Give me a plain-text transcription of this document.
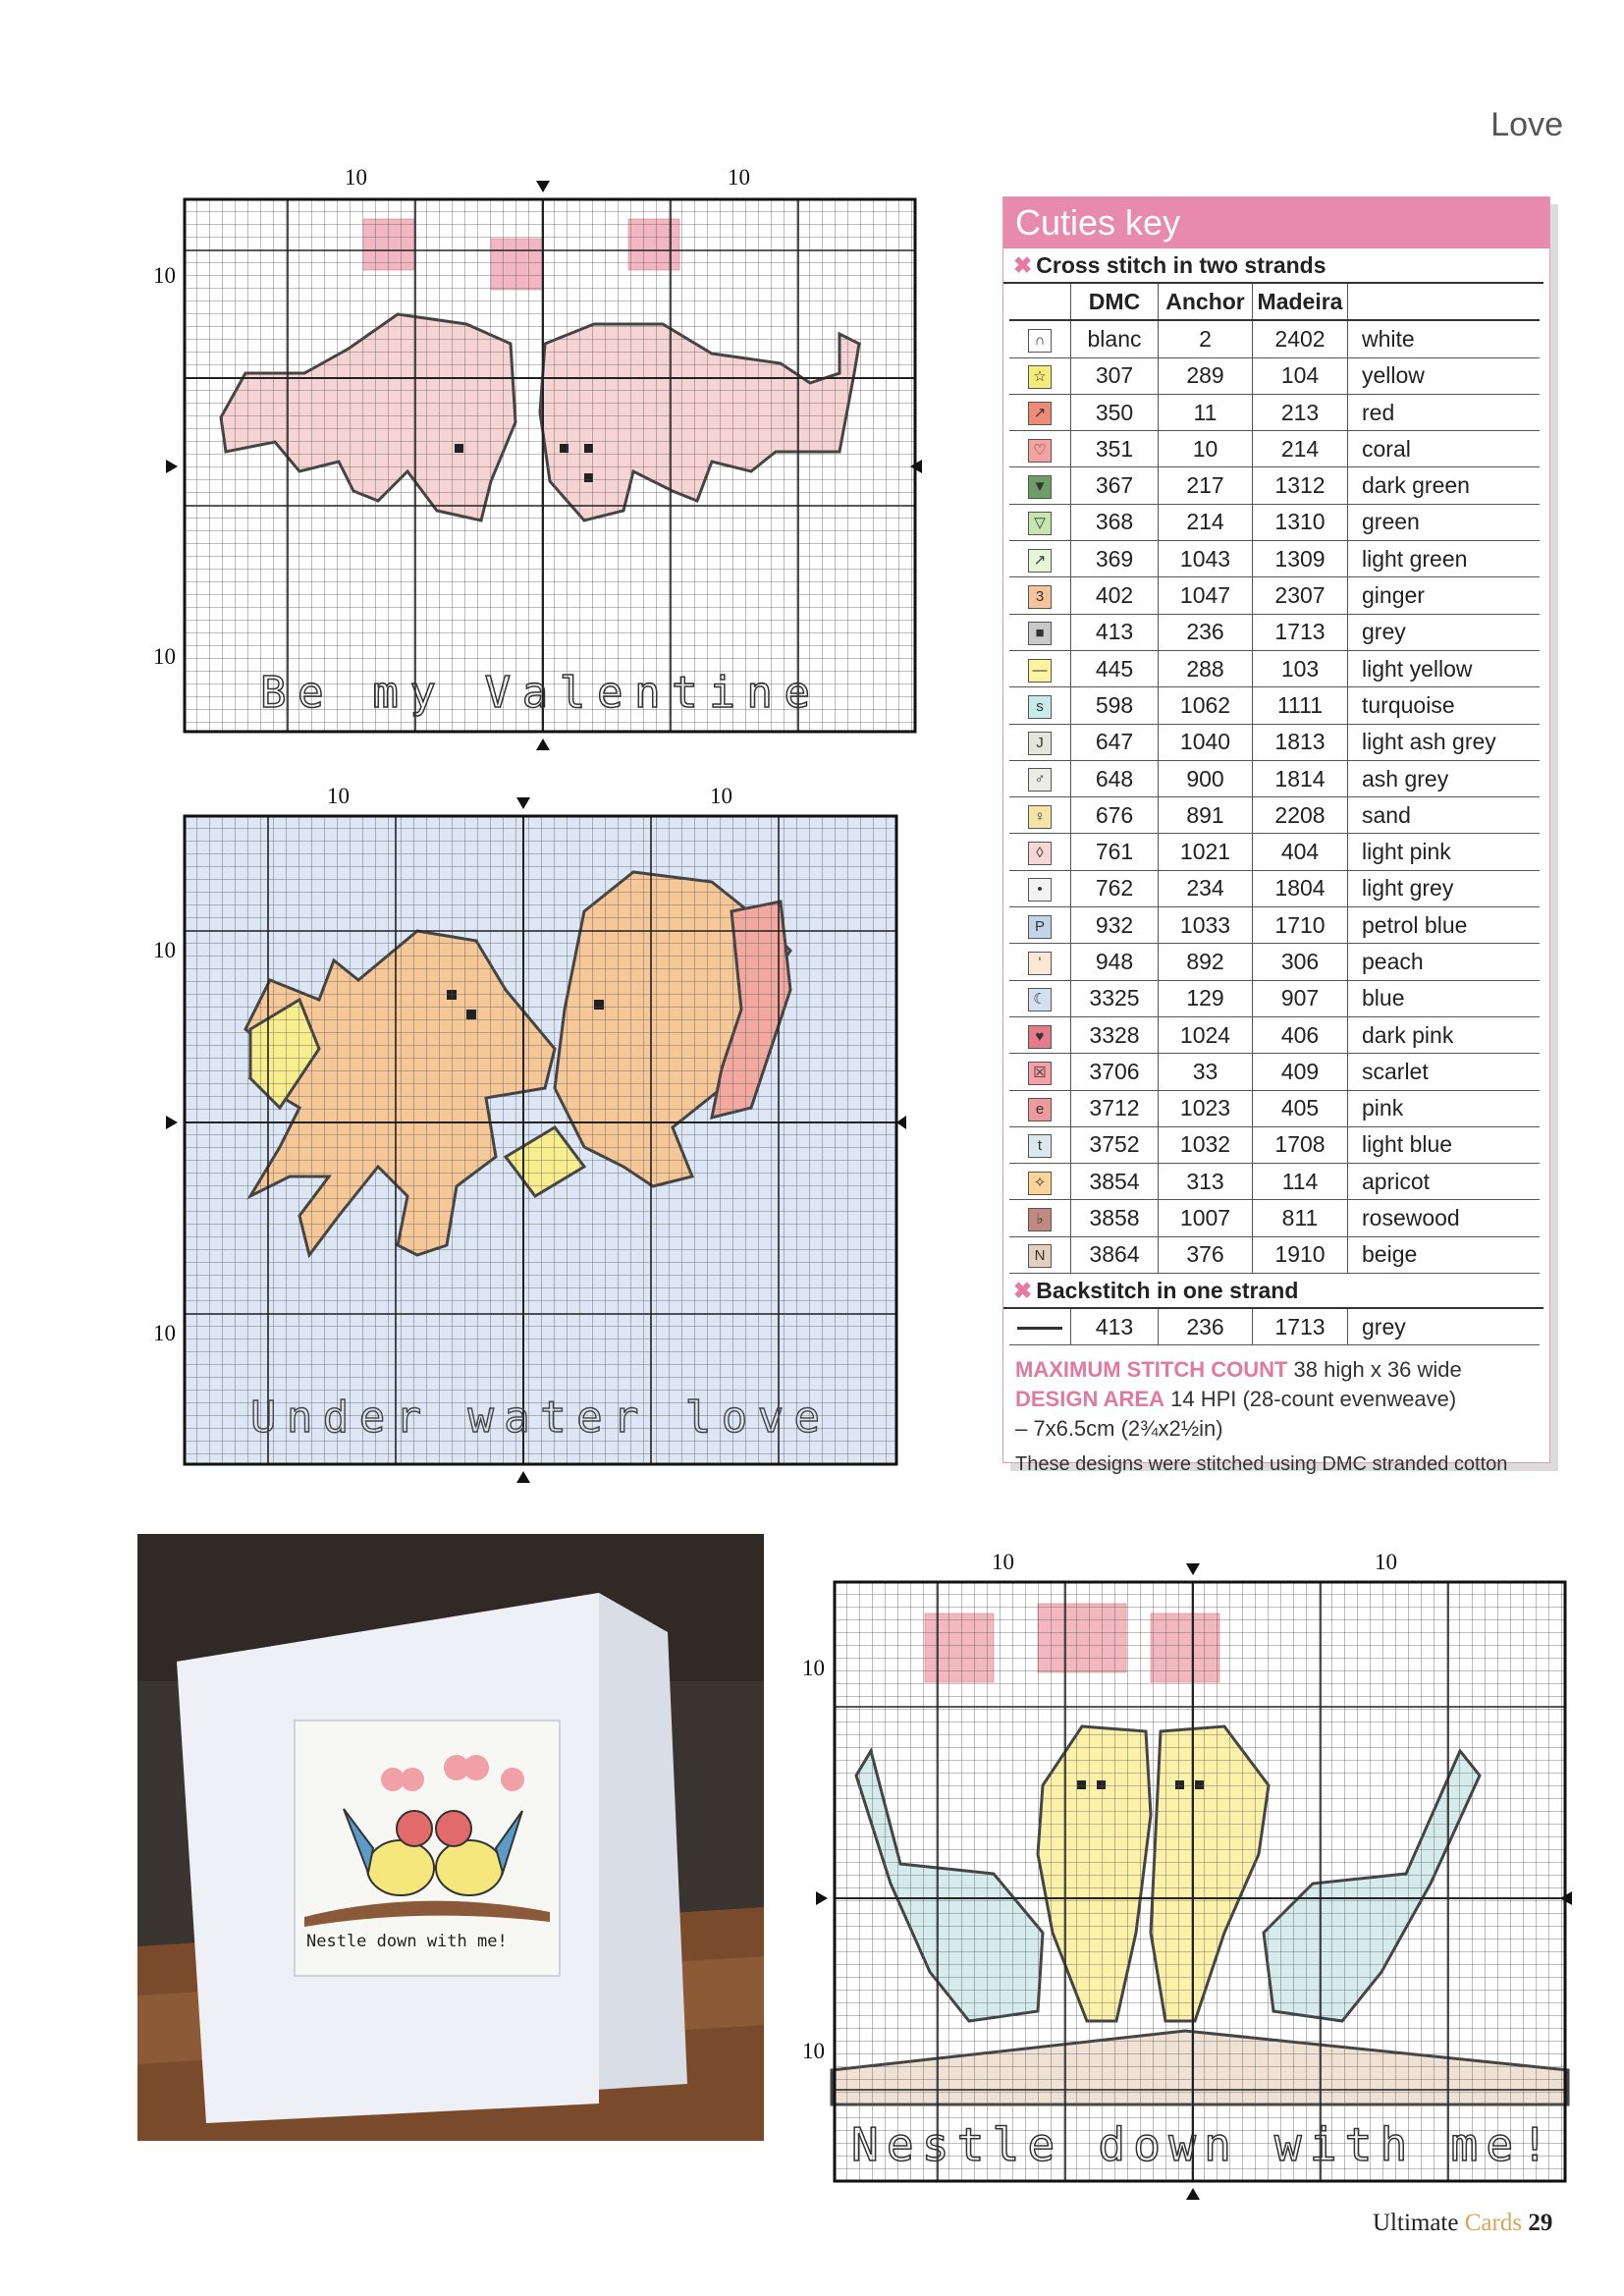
Love
10	10
10
10
Be my Valentine
10	10
10
10
Under water love
Cuties key
✖ Cross stitch in two strands
	DMC	Anchor	Madeira	
∩	blanc	2	2402	white
☆	307	289	104	yellow
↗	350	11	213	red
♡	351	10	214	coral
▼	367	217	1312	dark green
▽	368	214	1310	green
↗	369	1043	1309	light green
3	402	1047	2307	ginger
■	413	236	1713	grey
—	445	288	103	light yellow
s	598	1062	1111	turquoise
J	647	1040	1813	light ash grey
♂	648	900	1814	ash grey
♀	676	891	2208	sand
◊	761	1021	404	light pink
•	762	234	1804	light grey
P	932	1033	1710	petrol blue
ʻ	948	892	306	peach
☾	3325	129	907	blue
♥	3328	1024	406	dark pink
☒	3706	33	409	scarlet
e	3712	1023	405	pink
t	3752	1032	1708	light blue
✧	3854	313	114	apricot
♭	3858	1007	811	rosewood
N	3864	376	1910	beige
✖ Backstitch in one strand
	413	236	1713	grey
MAXIMUM STITCH COUNT 38 high x 36 wide
DESIGN AREA 14 HPI (28-count evenweave)
– 7x6.5cm (2¾x2½in)
These designs were stitched using DMC stranded cotton
Nestle down with me!
10	10
10
10
Nestle down with me!
Ultimate Cards 29
